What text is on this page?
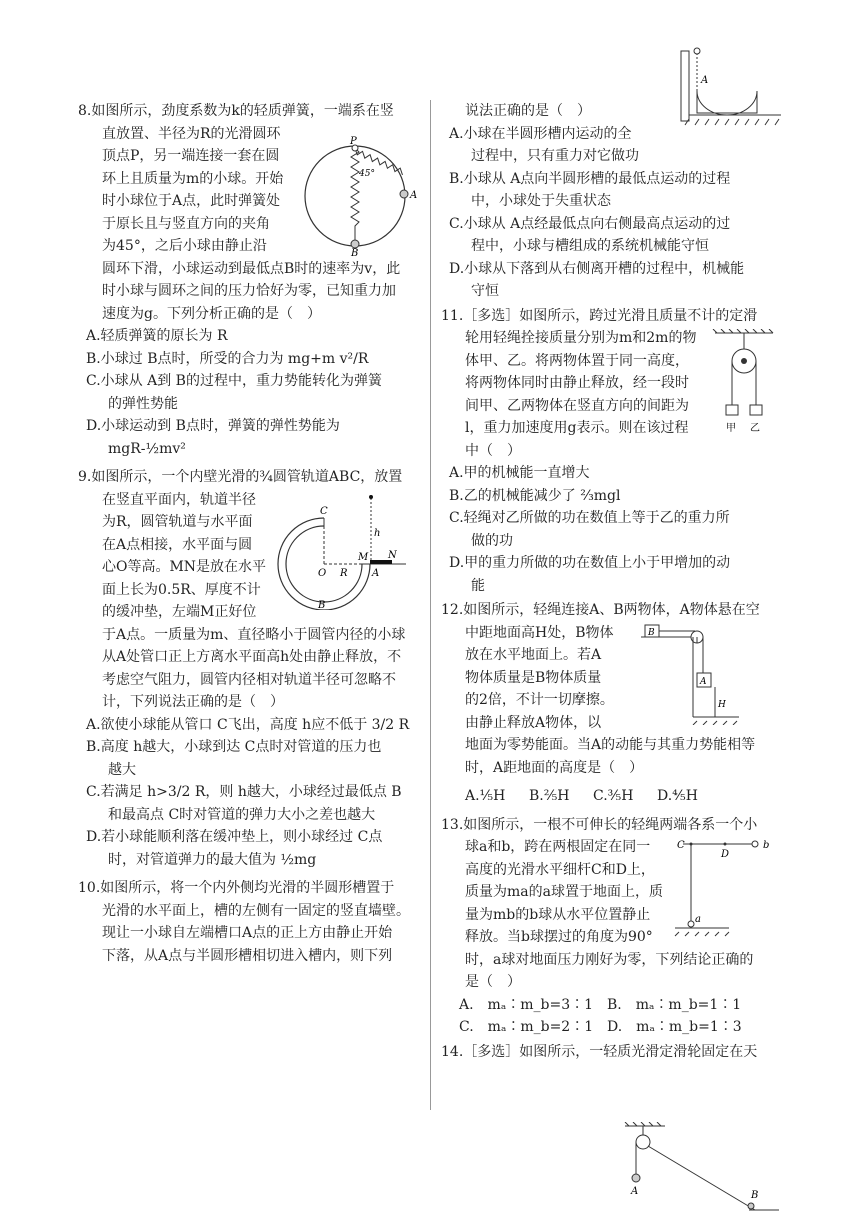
8.如图所示，劲度系数为k的轻质弹簧，一端系在竖
直放置、半径为R的光滑圆环
顶点P，另一端连接一套在圆
环上且质量为m的小球。开始
时小球位于A点，此时弹簧处
于原长且与竖直方向的夹角
为45°，之后小球由静止沿
圆环下滑，小球运动到最低点B时的速率为v，此
时小球与圆环之间的压力恰好为零，已知重力加
速度为g。下列分析正确的是（　）
A.轻质弹簧的原长为 R
B.小球过 B点时，所受的合力为 mg+m v²/R
C.小球从 A到 B的过程中，重力势能转化为弹簧
的弹性势能
D.小球运动到 B点时，弹簧的弹性势能为
mgR-½mv²
P
45°
A
B
9.如图所示，一个内壁光滑的¾圆管轨道ABC，放置
在竖直平面内，轨道半径
为R，圆管轨道与水平面
在A点相接，水平面与圆
心O等高。MN是放在水平
面上长为0.5R、厚度不计
的缓冲垫，左端M正好位
于A点。一质量为m、直径略小于圆管内径的小球
从A处管口正上方离水平面高h处由静止释放，不
考虑空气阻力，圆管内径相对轨道半径可忽略不
计，下列说法正确的是（　）
A.欲使小球能从管口 C飞出，高度 h应不低于 3/2 R
B.高度 h越大，小球到达 C点时对管道的压力也
越大
C.若满足 h>3/2 R，则 h越大，小球经过最低点 B
和最高点 C时对管道的弹力大小之差也越大
D.若小球能顺利落在缓冲垫上，则小球经过 C点
时，对管道弹力的最大值为 ½mg
C
h
M N
O R A
B
10.如图所示，将一个内外侧均光滑的半圆形槽置于
光滑的水平面上，槽的左侧有一固定的竖直墙壁。
现让一小球自左端槽口A点的正上方由静止开始
下落，从A点与半圆形槽相切进入槽内，则下列
A
说法正确的是（　）
A.小球在半圆形槽内运动的全
过程中，只有重力对它做功
B.小球从 A点向半圆形槽的最低点运动的过程
中，小球处于失重状态
C.小球从 A点经最低点向右侧最高点运动的过
程中，小球与槽组成的系统机械能守恒
D.小球从下落到从右侧离开槽的过程中，机械能
守恒
11.［多选］如图所示，跨过光滑且质量不计的定滑
轮用轻绳拴接质量分别为m和2m的物
体甲、乙。将两物体置于同一高度，
将两物体同时由静止释放，经一段时
间甲、乙两物体在竖直方向的间距为
l，重力加速度用g表示。则在该过程
中（　）
A.甲的机械能一直增大
B.乙的机械能减少了 ⅔mgl
C.轻绳对乙所做的功在数值上等于乙的重力所
做的功
D.甲的重力所做的功在数值上小于甲增加的动
能
甲 乙
12.如图所示，轻绳连接A、B两物体，A物体悬在空
中距地面高H处，B物体
放在水平地面上。若A
物体质量是B物体质量
的2倍，不计一切摩擦。
由静止释放A物体，以
地面为零势能面。当A的动能与其重力势能相等
时，A距地面的高度是（　）
A.⅕H	B.⅖H	C.⅗H	D.⅘H
B
A
H
13.如图所示，一根不可伸长的轻绳两端各系一个小
球a和b，跨在两根固定在同一
高度的光滑水平细杆C和D上，
质量为ma的a球置于地面上，质
量为mb的b球从水平位置静止
释放。当b球摆过的角度为90°
时，a球对地面压力刚好为零，下列结论正确的
是（　）
A.　mₐ∶m_b=3∶1 B.　mₐ∶m_b=1∶1
C.　mₐ∶m_b=2∶1 D.　mₐ∶m_b=1∶3
C
D
b
a
14.［多选］如图所示，一轻质光滑定滑轮固定在天
A	B
